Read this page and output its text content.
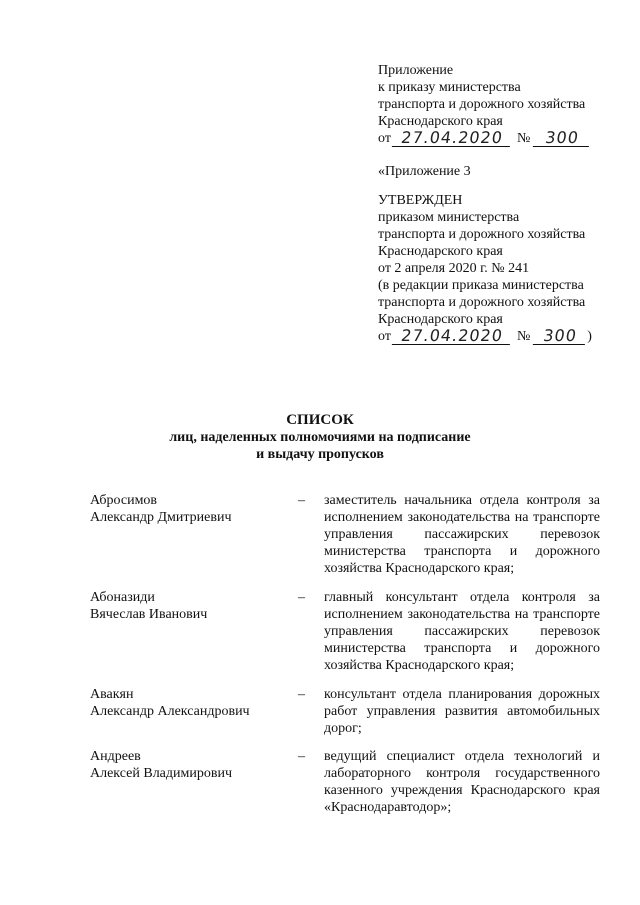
Приложение
к приказу министерства
транспорта и дорожного хозяйства
Краснодарского края
от 27.04.2020 № 300
«Приложение 3
УТВЕРЖДЕН
приказом министерства
транспорта и дорожного хозяйства
Краснодарского края
от 2 апреля 2020 г. № 241
(в редакции приказа министерства
транспорта и дорожного хозяйства
Краснодарского края
от 27.04.2020 № 300 )
СПИСОК
лиц, наделенных полномочиями на подписание
и выдачу пропусков
Абросимов
Александр Дмитриевич
– заместитель начальника отдела контроля за исполнением законодательства на транспорте управления пассажирских перевозок министерства транспорта и дорожного хозяйства Краснодарского края;
Абоназиди
Вячеслав Иванович
– главный консультант отдела контроля за исполнением законодательства на транспорте управления пассажирских перевозок министерства транспорта и дорожного хозяйства Краснодарского края;
Авакян
Александр Александрович
– консультант отдела планирования дорожных работ управления развития автомобильных дорог;
Андреев
Алексей Владимирович
– ведущий специалист отдела технологий и лабораторного контроля государственного казенного учреждения Краснодарского края «Краснодаравтодор»;
